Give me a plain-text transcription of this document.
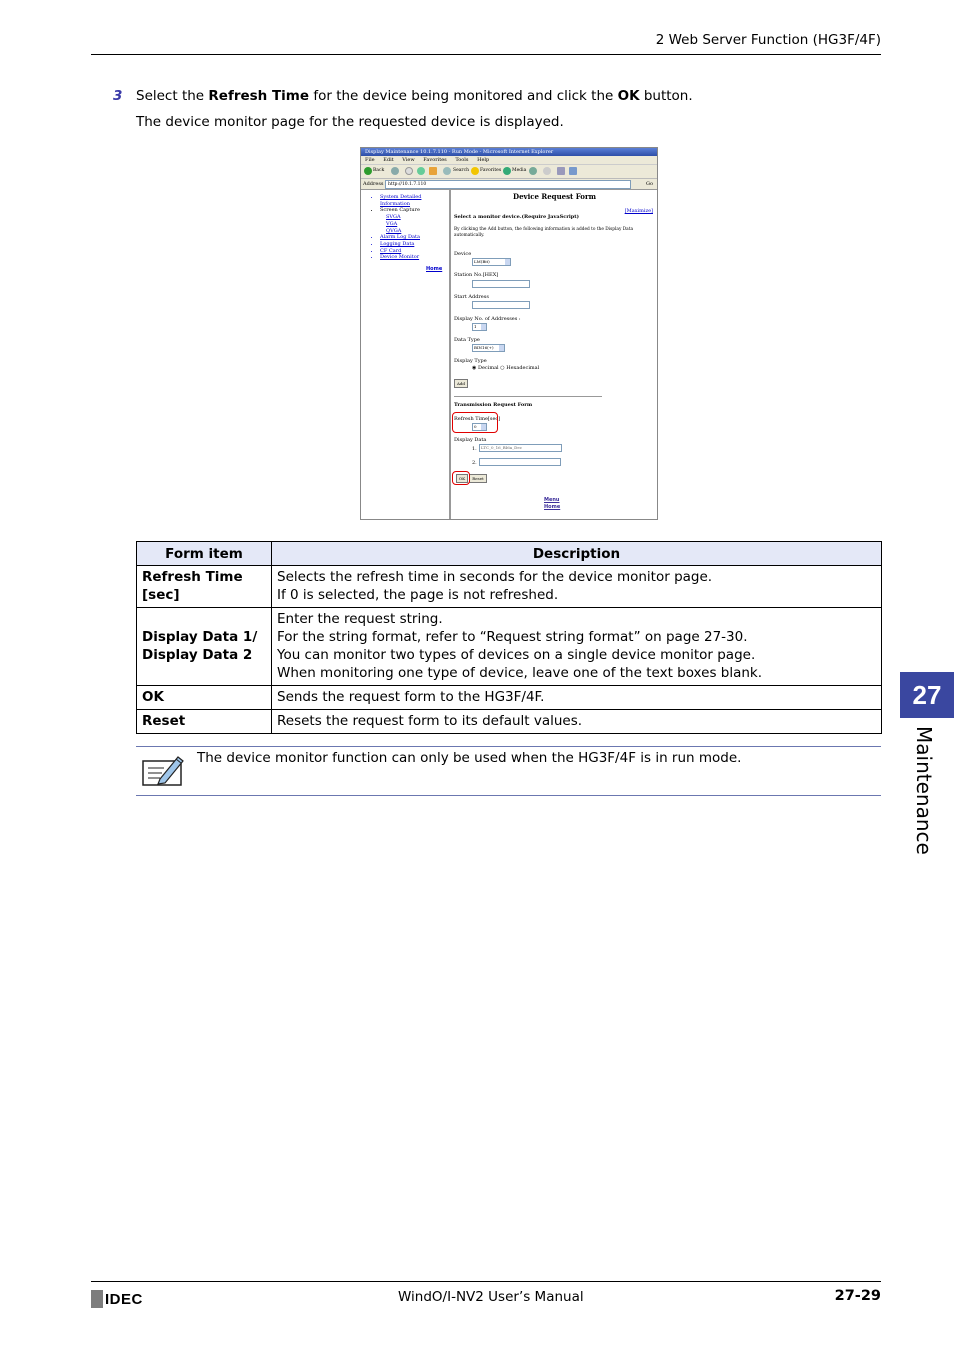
2 Web Server Function (HG3F/4F)
3 Select the Refresh Time for the device being monitored and click the OK button.
The device monitor page for the requested device is displayed.
Display Maintenance 10.1.7.110 - Run Mode - Microsoft Internet Explorer
File Edit View Favorites Tools Help
Back	Search Favorites Media
Address	http://10.1.7.110	Go
• System Detailed Information
• Screen Capture
SVGA
VGA
QVGA
• Alarm Log Data
• Logging Data
• CF Card
• Device Monitor
Home
Device Request Form
[Maximize]
Select a monitor device.(Require JavaScript)
By clicking the Add button, the following information is added to the Display Data
automatically.
Device
LM(Bit)
Station No.[HEX]
Start Address
Display No. of Addresses :
1
Data Type
BIN16(+)
Display Type
◉ Decimal ○ Hexadecimal
Add
Transmission Request Form
Refresh Time[sec]
0
Display Data
1.	LTC_0_16_BI6a_Dec
2.
OK	Reset
Menu
Home
Form item	Description
Refresh Time
[sec]	Selects the refresh time in seconds for the device monitor page.
If 0 is selected, the page is not refreshed.
Display Data 1/
Display Data 2	Enter the request string.
For the string format, refer to “Request string format” on page 27-30.
You can monitor two types of devices on a single device monitor page.
When monitoring one type of device, leave one of the text boxes blank.
OK	Sends the request form to the HG3F/4F.
Reset	Resets the request form to its default values.
The device monitor function can only be used when the HG3F/4F is in run mode.
27
Maintenance
IDEC	WindO/I-NV2 User’s Manual	27-29
